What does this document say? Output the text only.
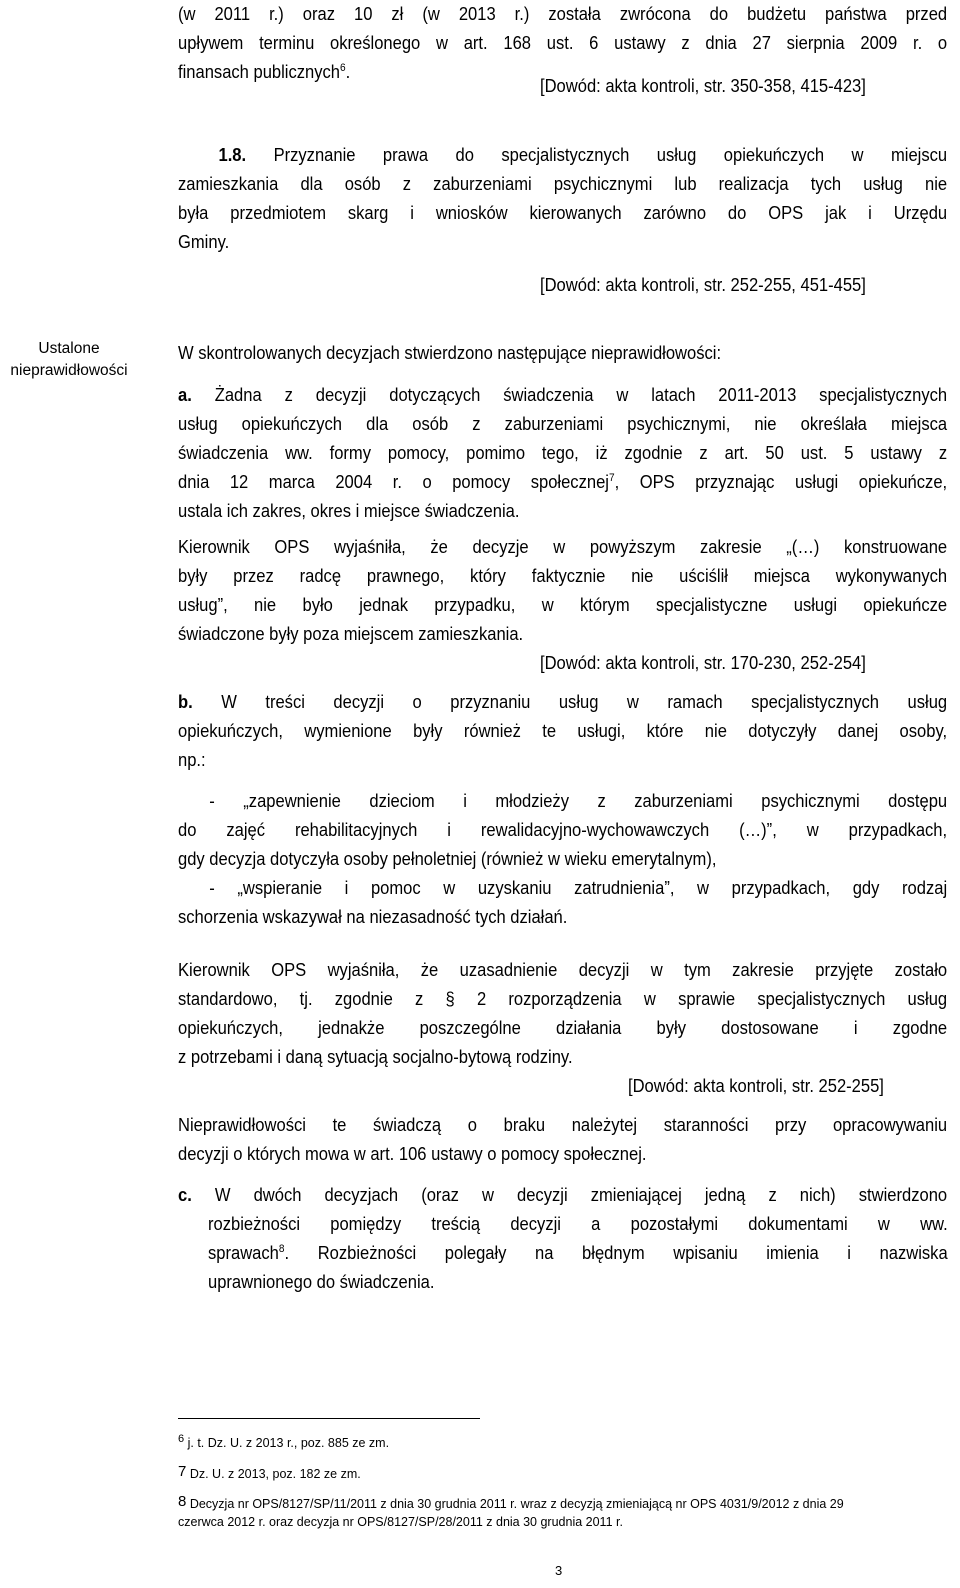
(w 2011 r.) oraz 10 zł (w 2013 r.) została zwrócona do budżetu państwa przed
upływem terminu określonego w art. 168 ust. 6 ustawy z dnia 27 sierpnia 2009 r. o
finansach publicznych$^6$.
[Dowód: akta kontroli, str. 350-358, 415-423]
1.8. Przyznanie prawa do specjalistycznych usług opiekuńczych w miejscu
zamieszkania dla osób z zaburzeniami psychicznymi lub realizacja tych usług nie
była przedmiotem skarg i wniosków kierowanych zarówno do OPS jak i Urzędu
Gminy.
[Dowód: akta kontroli, str. 252-255, 451-455]
Ustalone
nieprawidłowości
W skontrolowanych decyzjach stwierdzono następujące nieprawidłowości:
a. Żadna z decyzji dotyczących świadczenia w latach 2011-2013 specjalistycznych
usług opiekuńczych dla osób z zaburzeniami psychicznymi, nie określała miejsca
świadczenia ww. formy pomocy, pomimo tego, iż zgodnie z art. 50 ust. 5 ustawy z
dnia 12 marca 2004 r. o pomocy społecznej$^7$, OPS przyznając usługi opiekuńcze,
ustala ich zakres, okres i miejsce świadczenia.
Kierownik OPS wyjaśniła, że decyzje w powyższym zakresie „(…) konstruowane
były przez radcę prawnego, który faktycznie nie uściślił miejsca wykonywanych
usług”, nie było jednak przypadku, w którym specjalistyczne usługi opiekuńcze
świadczone były poza miejscem zamieszkania.
[Dowód: akta kontroli, str. 170-230, 252-254]
b. W treści decyzji o przyznaniu usług w ramach specjalistycznych usług
opiekuńczych, wymienione były również te usługi, które nie dotyczyły danej osoby,
np.:
- „zapewnienie dzieciom i młodzieży z zaburzeniami psychicznymi dostępu
do zajęć rehabilitacyjnych i rewalidacyjno-wychowawczych (…)”, w przypadkach,
gdy decyzja dotyczyła osoby pełnoletniej (również w wieku emerytalnym),
- „wspieranie i pomoc w uzyskaniu zatrudnienia”, w przypadkach, gdy rodzaj
schorzenia wskazywał na niezasadność tych działań.
Kierownik OPS wyjaśniła, że uzasadnienie decyzji w tym zakresie przyjęte zostało
standardowo, tj. zgodnie z § 2 rozporządzenia w sprawie specjalistycznych usług
opiekuńczych, jednakże poszczególne działania były dostosowane i zgodne
z potrzebami i daną sytuacją socjalno-bytową rodziny.
[Dowód: akta kontroli, str. 252-255]
Nieprawidłowości te świadczą o braku należytej staranności przy opracowywaniu
decyzji o których mowa w art. 106 ustawy o pomocy społecznej.
c. W dwóch decyzjach (oraz w decyzji zmieniającej jedną z nich) stwierdzono
rozbieżności pomiędzy treścią decyzji a pozostałymi dokumentami w ww.
sprawach$^8$. Rozbieżności polegały na błędnym wpisaniu imienia i nazwiska
uprawnionego do świadczenia.
6 j. t. Dz. U. z 2013 r., poz. 885 ze zm.
7 Dz. U. z 2013, poz. 182 ze zm.
8 Decyzja nr OPS/8127/SP/11/2011 z dnia 30 grudnia 2011 r. wraz z decyzją zmieniającą nr OPS 4031/9/2012 z dnia 29
czerwca 2012 r. oraz decyzja nr OPS/8127/SP/28/2011 z dnia 30 grudnia 2011 r.
3
